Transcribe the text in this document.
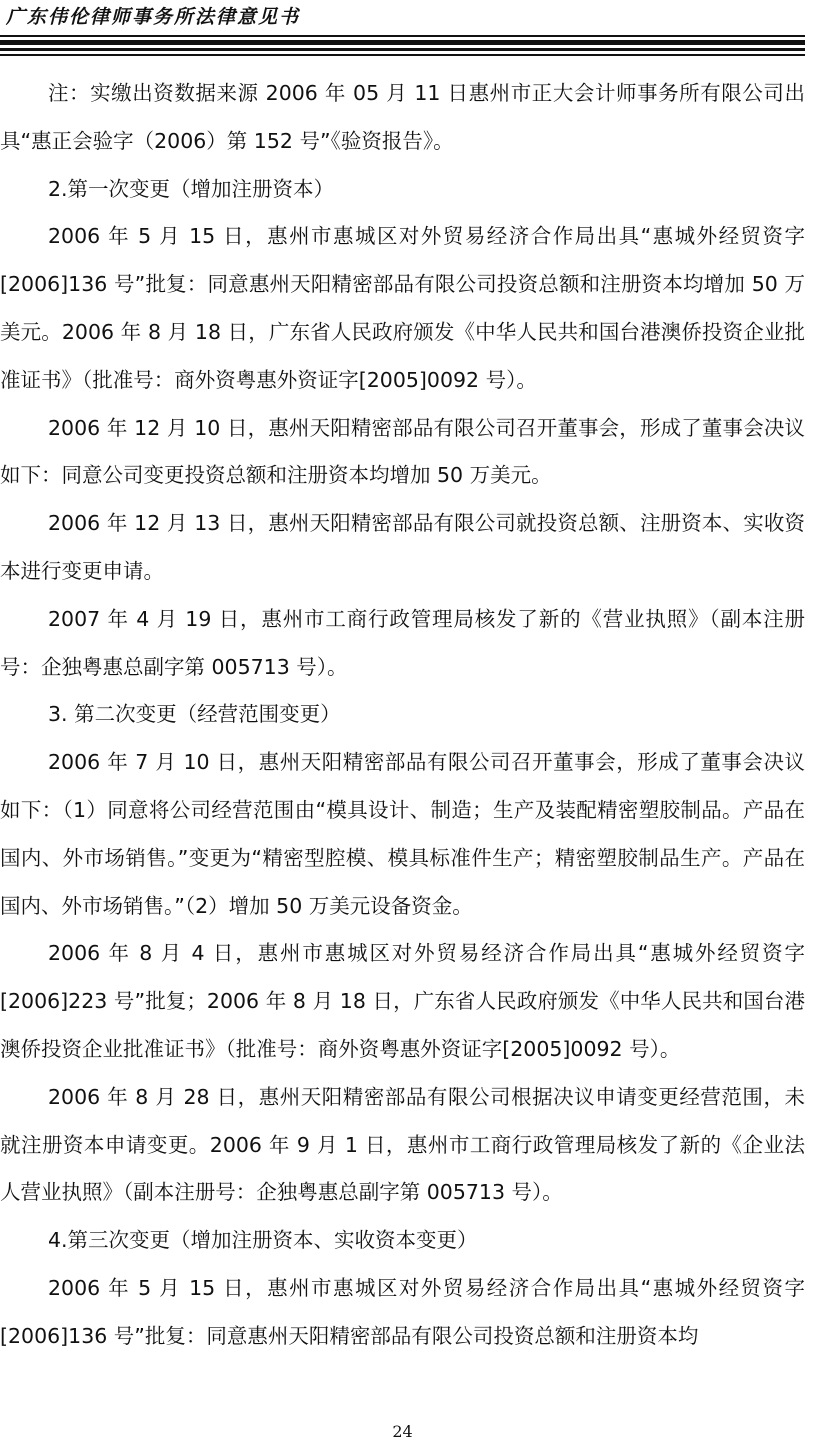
广东伟伦律师事务所法律意见书

注：实缴出资数据来源 2006 年 05 月 11 日惠州市正大会计师事务所有限公司出具“惠正会验字（2006）第 152 号”《验资报告》。

2.第一次变更（增加注册资本）

2006 年 5 月 15 日，惠州市惠城区对外贸易经济合作局出具“惠城外经贸资字[2006]136 号”批复：同意惠州天阳精密部品有限公司投资总额和注册资本均增加 50 万美元。2006 年 8 月 18 日，广东省人民政府颁发《中华人民共和国台港澳侨投资企业批准证书》（批准号：商外资粤惠外资证字[2005]0092 号）。

2006 年 12 月 10 日，惠州天阳精密部品有限公司召开董事会，形成了董事会决议如下：同意公司变更投资总额和注册资本均增加 50 万美元。

2006 年 12 月 13 日，惠州天阳精密部品有限公司就投资总额、注册资本、实收资本进行变更申请。

2007 年 4 月 19 日，惠州市工商行政管理局核发了新的《营业执照》（副本注册号：企独粤惠总副字第 005713 号）。

3. 第二次变更（经营范围变更）

2006 年 7 月 10 日，惠州天阳精密部品有限公司召开董事会，形成了董事会决议如下：（1）同意将公司经营范围由“模具设计、制造；生产及装配精密塑胶制品。产品在国内、外市场销售。”变更为“精密型腔模、模具标准件生产；精密塑胶制品生产。产品在国内、外市场销售。”（2）增加 50 万美元设备资金。

2006 年 8 月 4 日，惠州市惠城区对外贸易经济合作局出具“惠城外经贸资字[2006]223 号”批复；2006 年 8 月 18 日，广东省人民政府颁发《中华人民共和国台港澳侨投资企业批准证书》（批准号：商外资粤惠外资证字[2005]0092 号）。

2006 年 8 月 28 日，惠州天阳精密部品有限公司根据决议申请变更经营范围，未就注册资本申请变更。2006 年 9 月 1 日，惠州市工商行政管理局核发了新的《企业法人营业执照》（副本注册号：企独粤惠总副字第 005713 号）。

4.第三次变更（增加注册资本、实收资本变更）

2006 年 5 月 15 日，惠州市惠城区对外贸易经济合作局出具“惠城外经贸资字[2006]136 号”批复：同意惠州天阳精密部品有限公司投资总额和注册资本均

24
